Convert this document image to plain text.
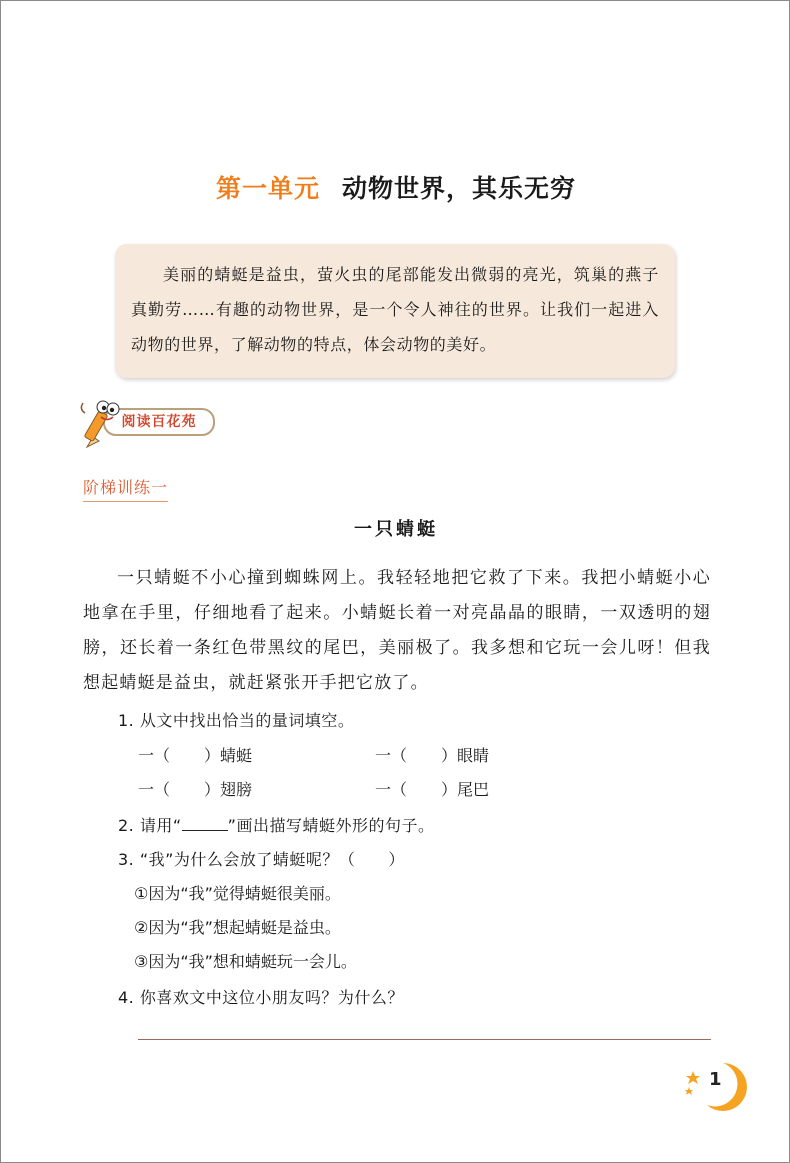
第一单元 动物世界，其乐无穷
美丽的蜻蜓是益虫，萤火虫的尾部能发出微弱的亮光，筑巢的燕子真勤劳……有趣的动物世界，是一个令人神往的世界。让我们一起进入动物的世界，了解动物的特点，体会动物的美好。
阅读百花苑
阶梯训练一
一只蜻蜓
一只蜻蜓不小心撞到蜘蛛网上。我轻轻地把它救了下来。我把小蜻蜓小心地拿在手里，仔细地看了起来。小蜻蜓长着一对亮晶晶的眼睛，一双透明的翅膀，还长着一条红色带黑纹的尾巴，美丽极了。我多想和它玩一会儿呀！但我想起蜻蜓是益虫，就赶紧张开手把它放了。
1. 从文中找出恰当的量词填空。
一（ ）蜻蜓	一（ ）眼睛
一（ ）翅膀	一（ ）尾巴
2. 请用“	”画出描写蜻蜓外形的句子。
3. “我”为什么会放了蜻蜓呢？（　　）
①因为“我”觉得蜻蜓很美丽。
②因为“我”想起蜻蜓是益虫。
③因为“我”想和蜻蜓玩一会儿。
4. 你喜欢文中这位小朋友吗？为什么？
1
